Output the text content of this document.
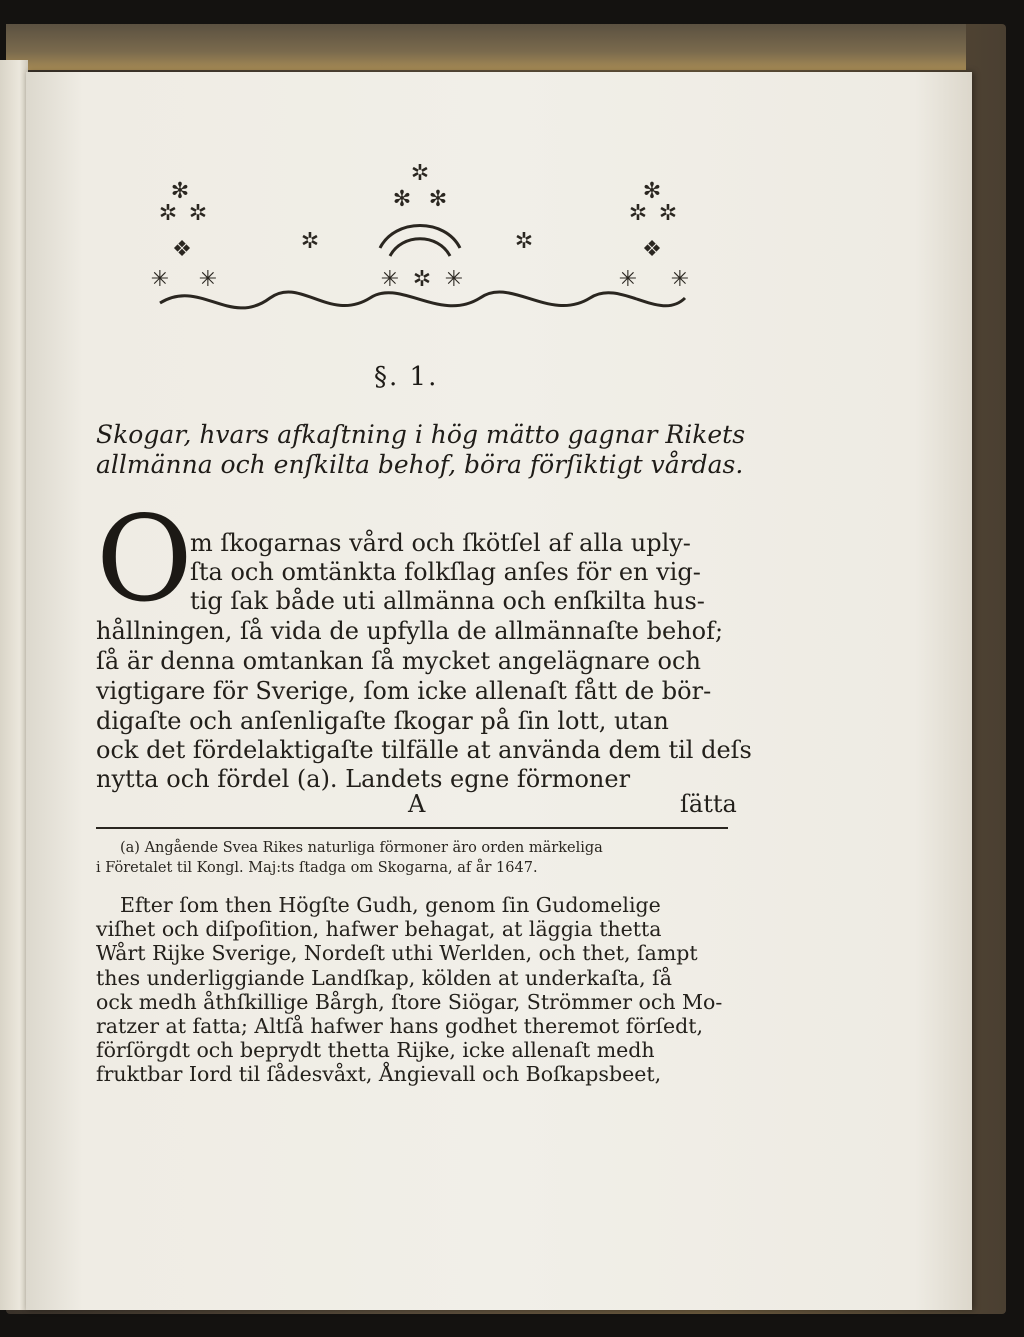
✻
✲ ✲
❖
✳ ✳
✲
✲
✻ ✻
✳ ✲ ✳
✲
✻
✲ ✲
❖
✳ ✳
§. 1.
Skogar, hvars afkaſtning i hög mätto gagnar Rikets
allmänna och enſkilta behof, böra förſiktigt vårdas.
O
m ſkogarnas vård och ſkötſel af alla uply-
ſta och omtänkta folkſlag anſes för en vig-
tig ſak både uti allmänna och enſkilta hus-
hållningen, ſå vida de upfylla de allmännaſte behof;
ſå är denna omtankan ſå mycket angelägnare och
vigtigare för Sverige, ſom icke allenaſt fått de bör-
digaſte och anſenligaſte ſkogar på ſin lott, utan
ock det fördelaktigaſte tilfälle at använda dem til deſs
nytta och fördel (a). Landets egne förmoner
A	ſätta
(a) Angående Svea Rikes naturliga förmoner äro orden märkeliga
i Företalet til Kongl. Maj:ts ſtadga om Skogarna, af år 1647.
Efter ſom then Högſte Gudh, genom ſin Gudomelige
viſhet och diſpoſition, hafwer behagat, at läggia thetta
Wårt Rijke Sverige, Nordeſt uthi Werlden, och thet, ſampt
thes underliggiande Landſkap, kölden at underkaſta, ſå
ock medh åthſkillige Bårgh, ſtore Siögar, Strömmer och Mo-
ratzer at fatta; Altſå hafwer hans godhet theremot förſedt,
förſörgdt och beprydt thetta Rijke, icke allenaſt medh
fruktbar Iord til ſådesvåxt, Ångievall och Boſkapsbeet,
